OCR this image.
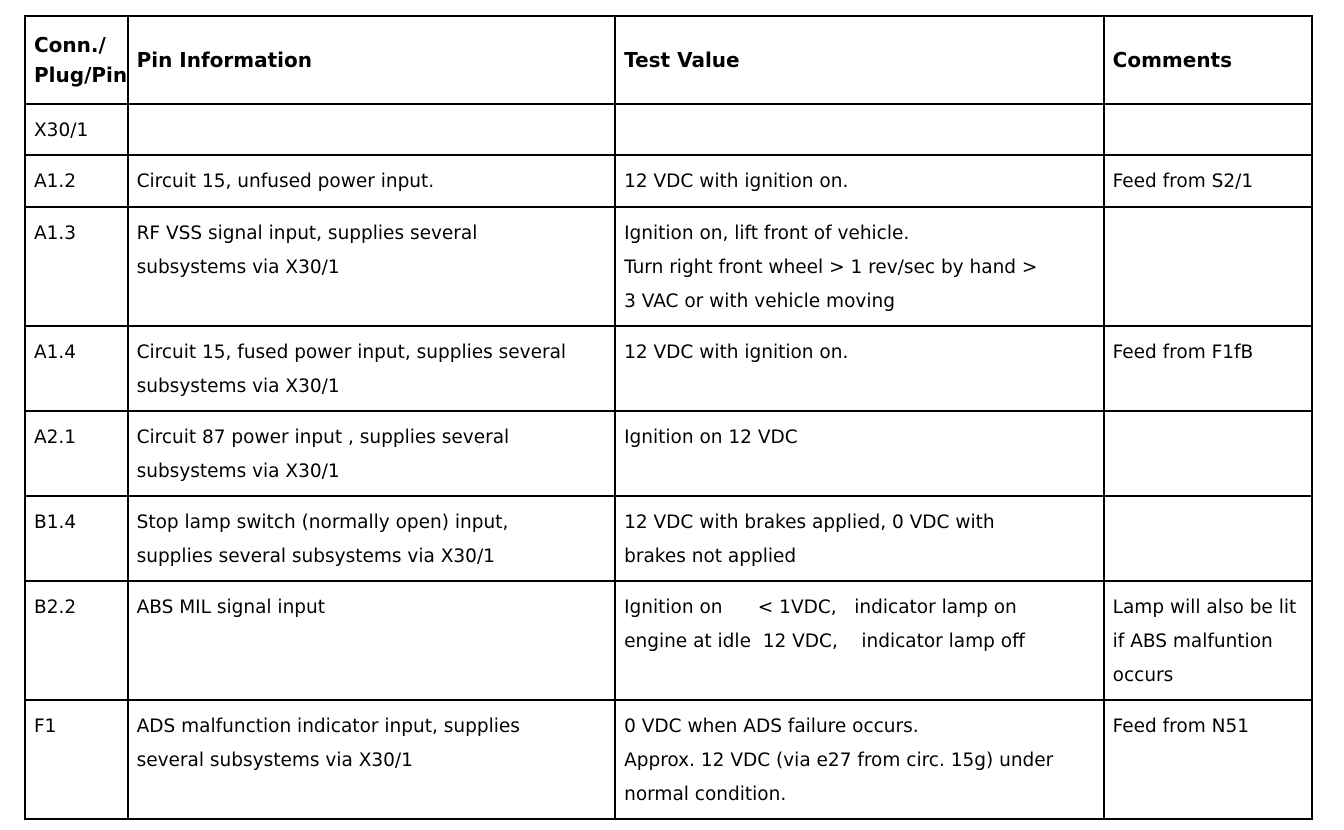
Conn./
Plug/Pin	Pin Information	Test Value	Comments

X30/1			

A1.2	Circuit 15, unfused power input.	12 VDC with ignition on.	Feed from S2/1

A1.3	RF VSS signal input, supplies several
subsystems via X30/1	Ignition on, lift front of vehicle.
Turn right front wheel > 1 rev/sec by hand >
3 VAC or with vehicle moving	

A1.4	Circuit 15, fused power input, supplies several
subsystems via X30/1	12 VDC with ignition on.	Feed from F1fB

A2.1	Circuit 87 power input , supplies several
subsystems via X30/1	Ignition on 12 VDC	

B1.4	Stop lamp switch (normally open) input,
supplies several subsystems via X30/1	12 VDC with brakes applied, 0 VDC with
brakes not applied	

B2.2	ABS MIL signal input	Ignition on      < 1VDC,   indicator lamp on
engine at idle  12 VDC,    indicator lamp off	Lamp will also be lit
if ABS malfuntion
occurs

F1	ADS malfunction indicator input, supplies
several subsystems via X30/1	0 VDC when ADS failure occurs.
Approx. 12 VDC (via e27 from circ. 15g) under
normal condition.	Feed from N51
